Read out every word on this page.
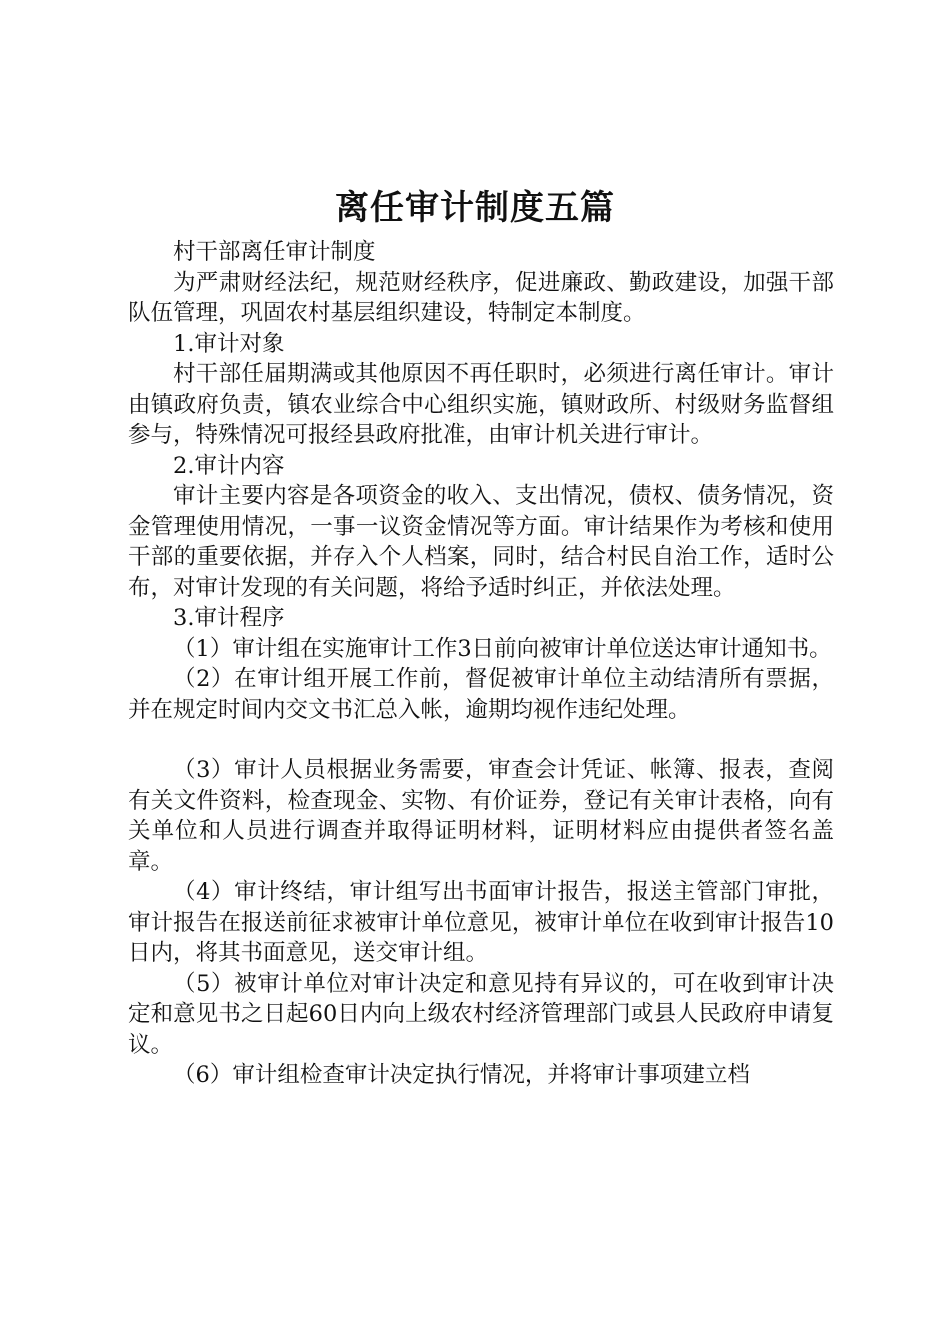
离任审计制度五篇

村干部离任审计制度

为严肃财经法纪，规范财经秩序，促进廉政、勤政建设，加强干部队伍管理，巩固农村基层组织建设，特制定本制度。

1.审计对象

村干部任届期满或其他原因不再任职时，必须进行离任审计。审计由镇政府负责，镇农业综合中心组织实施，镇财政所、村级财务监督组参与，特殊情况可报经县政府批准，由审计机关进行审计。

2.审计内容

审计主要内容是各项资金的收入、支出情况，债权、债务情况，资金管理使用情况，一事一议资金情况等方面。审计结果作为考核和使用干部的重要依据，并存入个人档案，同时，结合村民自治工作，适时公布，对审计发现的有关问题，将给予适时纠正，并依法处理。

3.审计程序

（1）审计组在实施审计工作3日前向被审计单位送达审计通知书。

（2）在审计组开展工作前，督促被审计单位主动结清所有票据，并在规定时间内交文书汇总入帐，逾期均视作违纪处理。

（3）审计人员根据业务需要，审查会计凭证、帐簿、报表，查阅有关文件资料，检查现金、实物、有价证券，登记有关审计表格，向有关单位和人员进行调查并取得证明材料，证明材料应由提供者签名盖章。

（4）审计终结，审计组写出书面审计报告，报送主管部门审批，审计报告在报送前征求被审计单位意见，被审计单位在收到审计报告10日内，将其书面意见，送交审计组。

（5）被审计单位对审计决定和意见持有异议的，可在收到审计决定和意见书之日起60日内向上级农村经济管理部门或县人民政府申请复议。

（6）审计组检查审计决定执行情况，并将审计事项建立档
